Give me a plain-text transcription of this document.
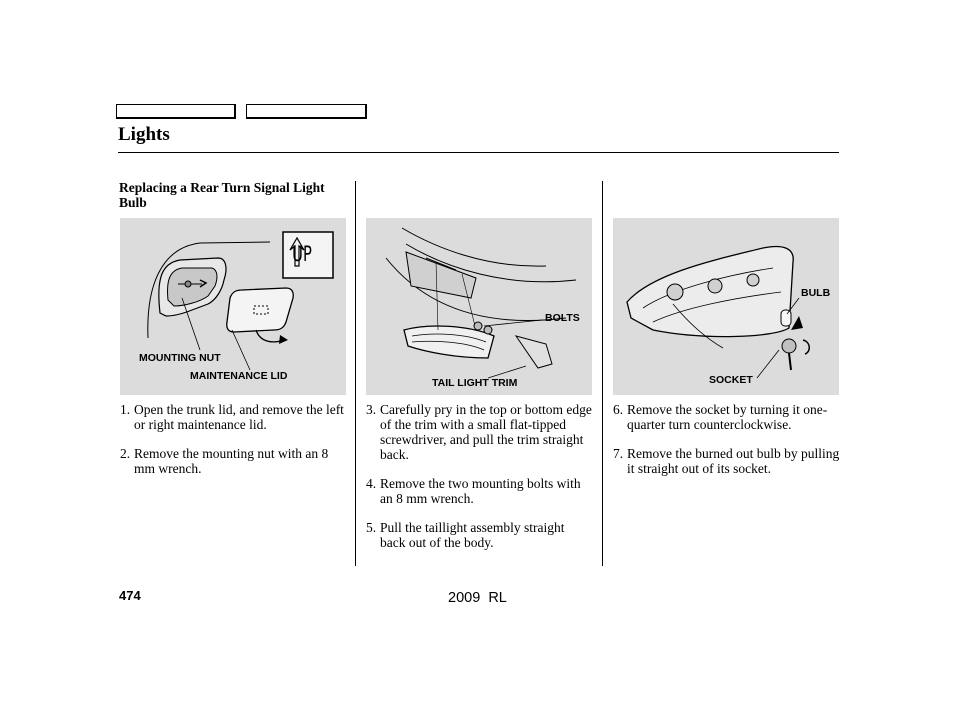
Lights
Replacing a Rear Turn Signal Light Bulb
UP
MOUNTING NUT
MAINTENANCE LID
BOLTS
TAIL LIGHT TRIM
BULB
SOCKET
1. Open the trunk lid, and remove the left or right maintenance lid.
2. Remove the mounting nut with an 8 mm wrench.
3. Carefully pry in the top or bottom edge of the trim with a small flat-tipped screwdriver, and pull the trim straight back.
4. Remove the two mounting bolts with an 8 mm wrench.
5. Pull the taillight assembly straight back out of the body.
6. Remove the socket by turning it one-quarter turn counterclockwise.
7. Remove the burned out bulb by pulling it straight out of its socket.
474	2009  RL
